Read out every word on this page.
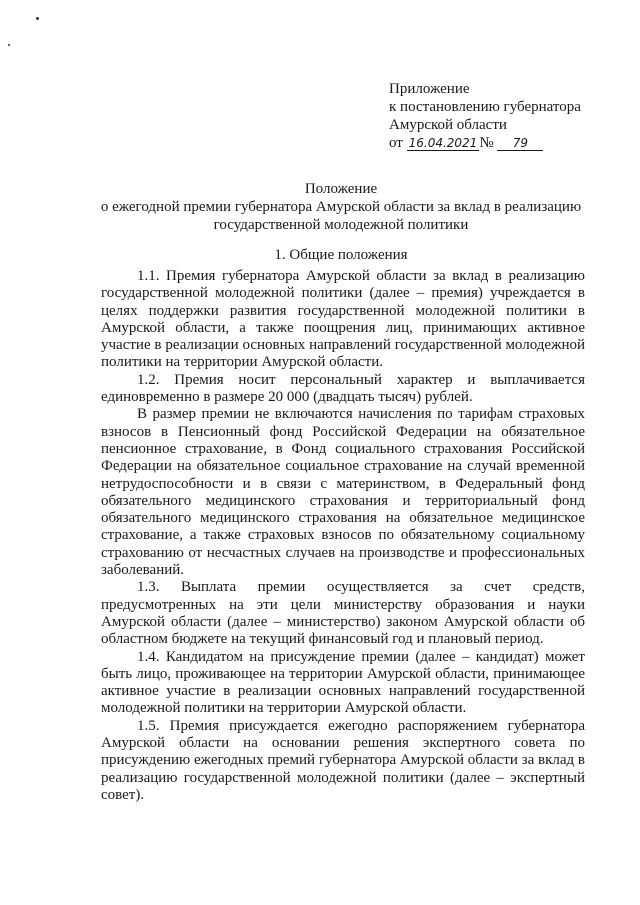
Приложение
к постановлению губернатора
Амурской области
от 16.04.2021 № 79
Положение
о ежегодной премии губернатора Амурской области за вклад в реализацию
государственной молодежной политики
1. Общие положения

1.1. Премия губернатора Амурской области за вклад в реализацию государственной молодежной политики (далее – премия) учреждается в целях поддержки развития государственной молодежной политики в Амурской области, а также поощрения лиц, принимающих активное участие в реализации основных направлений государственной молодежной политики на территории Амурской области.

1.2. Премия носит персональный характер и выплачивается единовременно в размере 20 000 (двадцать тысяч) рублей.

В размер премии не включаются начисления по тарифам страховых взносов в Пенсионный фонд Российской Федерации на обязательное пенсионное страхование, в Фонд социального страхования Российской Федерации на обязательное социальное страхование на случай временной нетрудоспособности и в связи с материнством, в Федеральный фонд обязательного медицинского страхования и территориальный фонд обязательного медицинского страхования на обязательное медицинское страхование, а также страховых взносов по обязательному социальному страхованию от несчастных случаев на производстве и профессиональных заболеваний.

1.3. Выплата премии осуществляется за счет средств, предусмотренных на эти цели министерству образования и науки Амурской области (далее – министерство) законом Амурской области об областном бюджете на текущий финансовый год и плановый период.

1.4. Кандидатом на присуждение премии (далее – кандидат) может быть лицо, проживающее на территории Амурской области, принимающее активное участие в реализации основных направлений государственной молодежной политики на территории Амурской области.

1.5. Премия присуждается ежегодно распоряжением губернатора Амурской области на основании решения экспертного совета по присуждению ежегодных премий губернатора Амурской области за вклад в реализацию государственной молодежной политики (далее – экспертный совет).
